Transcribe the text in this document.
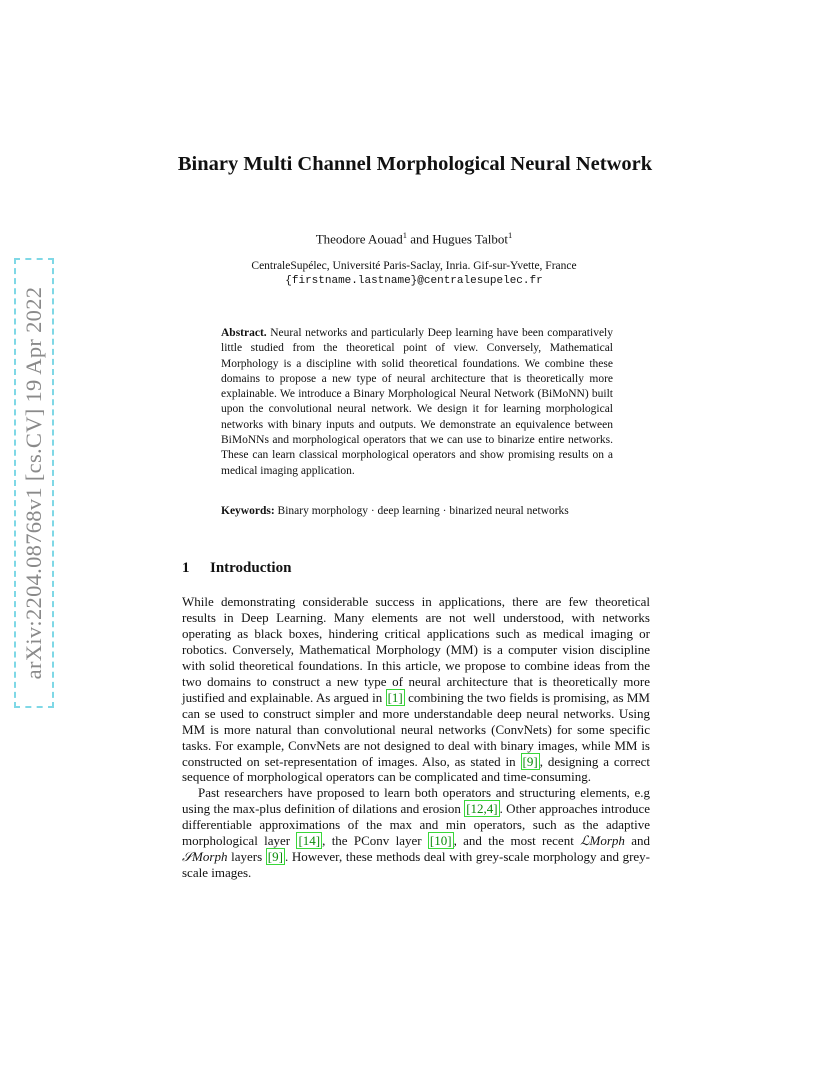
arXiv:2204.08768v1 [cs.CV] 19 Apr 2022
Binary Multi Channel Morphological Neural Network
Theodore Aouad$^1$ and Hugues Talbot$^1$
CentraleSupélec, Université Paris-Saclay, Inria. Gif-sur-Yvette, France
{firstname.lastname}@centralesupelec.fr

Abstract. Neural networks and particularly Deep learning have been comparatively little studied from the theoretical point of view. Conversely, Mathematical Morphology is a discipline with solid theoretical foundations. We combine these domains to propose a new type of neural architecture that is theoretically more explainable. We introduce a Binary Morphological Neural Network (BiMoNN) built upon the convolutional neural network. We design it for learning morphological networks with binary inputs and outputs. We demonstrate an equivalence between BiMoNNs and morphological operators that we can use to binarize entire networks. These can learn classical morphological operators and show promising results on a medical imaging application.

Keywords: Binary morphology · deep learning · binarized neural networks

1 Introduction

While demonstrating considerable success in applications, there are few theoretical results in Deep Learning. Many elements are not well understood, with networks operating as black boxes, hindering critical applications such as medical imaging or robotics. Conversely, Mathematical Morphology (MM) is a computer vision discipline with solid theoretical foundations. In this article, we propose to combine ideas from the two domains to construct a new type of neural architecture that is theoretically more justified and explainable. As argued in [1] combining the two fields is promising, as MM can se used to construct simpler and more understandable deep neural networks. Using MM is more natural than convolutional neural networks (ConvNets) for some specific tasks. For example, ConvNets are not designed to deal with binary images, while MM is constructed on set-representation of images. Also, as stated in [9] , designing a correct sequence of morphological operators can be complicated and time-consuming.

Past researchers have proposed to learn both operators and structuring elements, e.g using the max-plus definition of dilations and erosion [12,4] . Other approaches introduce differentiable approximations of the max and min operators, such as the adaptive morphological layer [14] , the PConv layer [10] , and the most recent ℒMorph and 𝒮Morph layers [9] . However, these methods deal with grey-scale morphology and grey-scale images.
